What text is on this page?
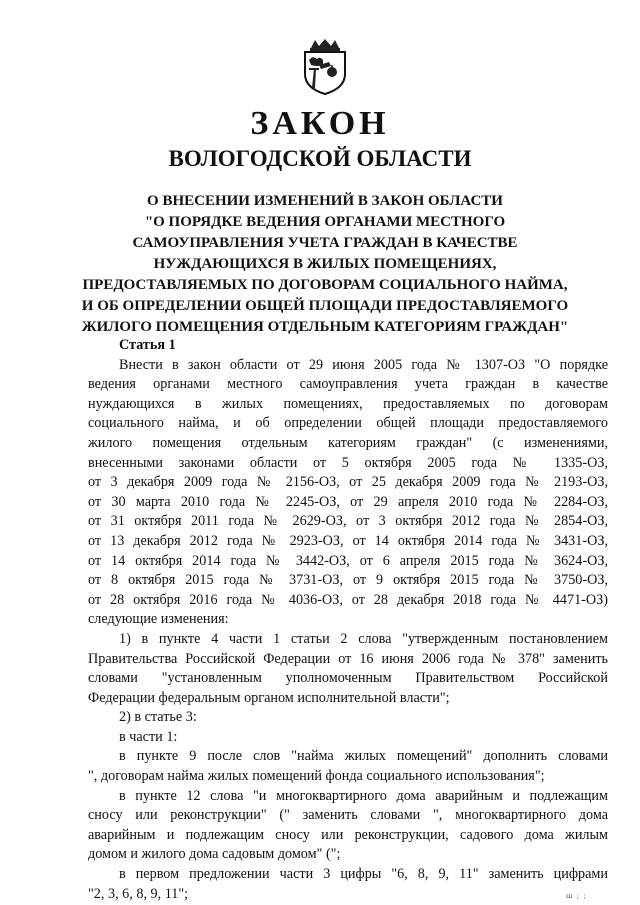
ЗАКОН
ВОЛОГОДСКОЙ ОБЛАСТИ
О ВНЕСЕНИИ ИЗМЕНЕНИЙ В ЗАКОН ОБЛАСТИ
"О ПОРЯДКЕ ВЕДЕНИЯ ОРГАНАМИ МЕСТНОГО
САМОУПРАВЛЕНИЯ УЧЕТА ГРАЖДАН В КАЧЕСТВЕ
НУЖДАЮЩИХСЯ В ЖИЛЫХ ПОМЕЩЕНИЯХ,
ПРЕДОСТАВЛЯЕМЫХ ПО ДОГОВОРАМ СОЦИАЛЬНОГО НАЙМА,
И ОБ ОПРЕДЕЛЕНИИ ОБЩЕЙ ПЛОЩАДИ ПРЕДОСТАВЛЯЕМОГО
ЖИЛОГО ПОМЕЩЕНИЯ ОТДЕЛЬНЫМ КАТЕГОРИЯМ ГРАЖДАН"

Статья 1

Внести в закон области от 29 июня 2005 года № 1307-ОЗ "О порядке
ведения органами местного самоуправления учета граждан в качестве
нуждающихся в жилых помещениях, предоставляемых по договорам
социального найма, и об определении общей площади предоставляемого
жилого помещения отдельным категориям граждан" (с изменениями,
внесенными законами области от 5 октября 2005 года № 1335-ОЗ,
от 3 декабря 2009 года № 2156-ОЗ, от 25 декабря 2009 года № 2193-ОЗ,
от 30 марта 2010 года № 2245-ОЗ, от 29 апреля 2010 года № 2284-ОЗ,
от 31 октября 2011 года № 2629-ОЗ, от 3 октября 2012 года № 2854-ОЗ,
от 13 декабря 2012 года № 2923-ОЗ, от 14 октября 2014 года № 3431-ОЗ,
от 14 октября 2014 года № 3442-ОЗ, от 6 апреля 2015 года № 3624-ОЗ,
от 8 октября 2015 года № 3731-ОЗ, от 9 октября 2015 года № 3750-ОЗ,
от 28 октября 2016 года № 4036-ОЗ, от 28 декабря 2018 года № 4471-ОЗ)
следующие изменения:
1) в пункте 4 части 1 статьи 2 слова "утвержденным постановлением
Правительства Российской Федерации от 16 июня 2006 года № 378" заменить
словами "установленным уполномоченным Правительством Российской
Федерации федеральным органом исполнительной власти";
2) в статье 3:
в части 1:
в пункте 9 после слов "найма жилых помещений" дополнить словами
", договорам найма жилых помещений фонда социального использования";
в пункте 12 слова "и многоквартирного дома аварийным и подлежащим
сносу или реконструкции" (" заменить словами ", многоквартирного дома
аварийным и подлежащим сносу или реконструкции, садового дома жилым
домом и жилого дома садовым домом" (";
в первом предложении части 3 цифры "6, 8, 9, 11" заменить цифрами
"2, 3, 6, 8, 9, 11";	ш ; ;
